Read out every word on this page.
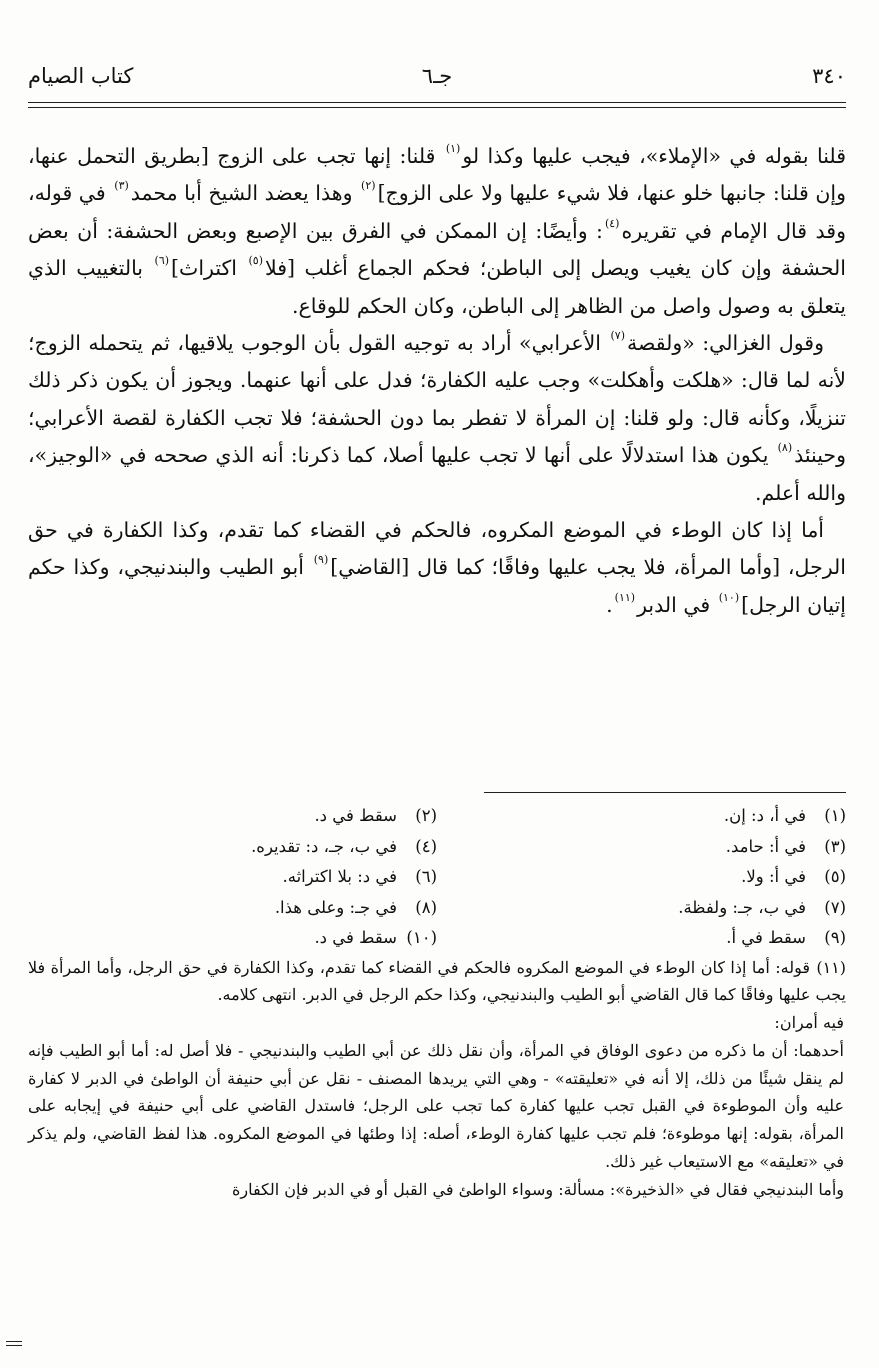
٣٤٠
جـ٦
كتاب الصيام

قلنا بقوله في «الإملاء»، فيجب عليها وكذا لو$^{(١)}$ قلنا: إنها تجب على الزوج [بطريق التحمل عنها، وإن قلنا: جانبها خلو عنها، فلا شيء عليها ولا على الزوج]$^{(٢)}$ وهذا يعضد الشيخ أبا محمد$^{(٣)}$ في قوله، وقد قال الإمام في تقريره$^{(٤)}$: وأيضًا: إن الممكن في الفرق بين الإصبع وبعض الحشفة: أن بعض الحشفة وإن كان يغيب ويصل إلى الباطن؛ فحكم الجماع أغلب [فلا$^{(٥)}$ اكتراث]$^{(٦)}$ بالتغييب الذي يتعلق به وصول واصل من الظاهر إلى الباطن، وكان الحكم للوقاع.

وقول الغزالي: «ولقصة$^{(٧)}$ الأعرابي» أراد به توجيه القول بأن الوجوب يلاقيها، ثم يتحمله الزوج؛ لأنه لما قال: «هلكت وأهكلت» وجب عليه الكفارة؛ فدل على أنها عنهما. ويجوز أن يكون ذكر ذلك تنزيلًا، وكأنه قال: ولو قلنا: إن المرأة لا تفطر بما دون الحشفة؛ فلا تجب الكفارة لقصة الأعرابي؛ وحينئذ$^{(٨)}$ يكون هذا استدلالًا على أنها لا تجب عليها أصلا، كما ذكرنا: أنه الذي صححه في «الوجيز»، والله أعلم.

أما إذا كان الوطء في الموضع المكروه، فالحكم في القضاء كما تقدم، وكذا الكفارة في حق الرجل، [وأما المرأة، فلا يجب عليها وفاقًا؛ كما قال [القاضي]$^{(٩)}$ أبو الطيب والبندنيجي، وكذا حكم إتيان الرجل]$^{(١٠)}$ في الدبر$^{(١١)}$.

(١)في أ، د: إن.
(٢)سقط في د.
(٣)في أ: حامد.
(٤)في ب، جـ، د: تقديره.
(٥)في أ: ولا.
(٦)في د: بلا اكتراثه.
(٧)في ب، جـ: ولفظة.
(٨)في جـ: وعلى هذا.
(٩)سقط في أ.
(١٠)سقط في د.
(١١)قوله: أما إذا كان الوطء في الموضع المكروه فالحكم في القضاء كما تقدم، وكذا الكفارة في حق الرجل، وأما المرأة فلا يجب عليها وفاقًا كما قال القاضي أبو الطيب والبندنيجي، وكذا حكم الرجل في الدبر. انتهى كلامه.
فيه أمران:
أحدهما: أن ما ذكره من دعوى الوفاق في المرأة، وأن نقل ذلك عن أبي الطيب والبندنيجي - فلا أصل له: أما أبو الطيب فإنه لم ينقل شيئًا من ذلك، إلا أنه في «تعليقته» - وهي التي يريدها المصنف - نقل عن أبي حنيفة أن الواطئ في الدبر لا كفارة عليه وأن الموطوءة في القبل تجب عليها كفارة كما تجب على الرجل؛ فاستدل القاضي على أبي حنيفة في إيجابه على المرأة، بقوله: إنها موطوءة؛ فلم تجب عليها كفارة الوطء، أصله: إذا وطئها في الموضع المكروه. هذا لفظ القاضي، ولم يذكر في «تعليقه» مع الاستيعاب غير ذلك.
وأما البندنيجي فقال في «الذخيرة»: مسألة: وسواء الواطئ في القبل أو في الدبر فإن الكفارة
